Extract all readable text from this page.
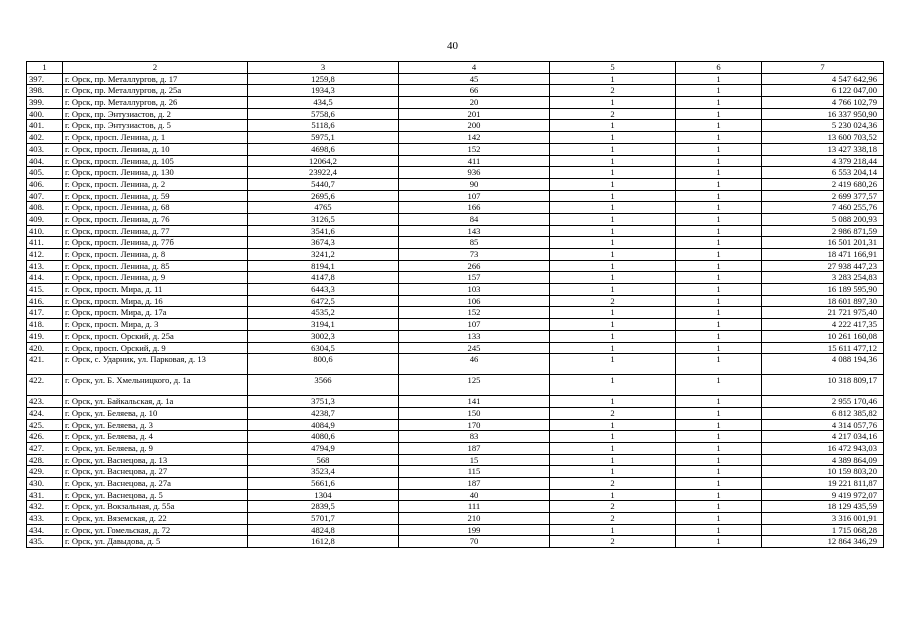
40
1	2	3	4	5	6	7
397.	г. Орск, пр. Металлургов, д. 17	1259,8	45	1	1	4 547 642,96
398.	г. Орск, пр. Металлургов, д. 25а	1934,3	66	2	1	6 122 047,00
399.	г. Орск, пр. Металлургов, д. 26	434,5	20	1	1	4 766 102,79
400.	г. Орск, пр. Энтузиастов, д. 2	5758,6	201	2	1	16 337 950,90
401.	г. Орск, пр. Энтузиастов, д. 5	5118,6	200	1	1	5 230 024,36
402.	г. Орск, просп. Ленина, д. 1	5975,1	142	1	1	13 600 703,52
403.	г. Орск, просп. Ленина, д. 10	4698,6	152	1	1	13 427 338,18
404.	г. Орск, просп. Ленина, д. 105	12064,2	411	1	1	4 379 218,44
405.	г. Орск, просп. Ленина, д. 130	23922,4	936	1	1	6 553 204,14
406.	г. Орск, просп. Ленина, д. 2	5440,7	90	1	1	2 419 680,26
407.	г. Орск, просп. Ленина, д. 59	2695,6	107	1	1	2 699 377,57
408.	г. Орск, просп. Ленина, д. 68	4765	166	1	1	7 460 255,76
409.	г. Орск, просп. Ленина, д. 76	3126,5	84	1	1	5 088 200,93
410.	г. Орск, просп. Ленина, д. 77	3541,6	143	1	1	2 986 871,59
411.	г. Орск, просп. Ленина, д. 77б	3674,3	85	1	1	16 501 201,31
412.	г. Орск, просп. Ленина, д. 8	3241,2	73	1	1	18 471 166,91
413.	г. Орск, просп. Ленина, д. 85	8194,1	266	1	1	27 938 447,23
414.	г. Орск, просп. Ленина, д. 9	4147,8	157	1	1	3 283 254,83
415.	г. Орск, просп. Мира, д. 11	6443,3	103	1	1	16 189 595,90
416.	г. Орск, просп. Мира, д. 16	6472,5	106	2	1	18 601 897,30
417.	г. Орск, просп. Мира, д. 17а	4535,2	152	1	1	21 721 975,40
418.	г. Орск, просп. Мира, д. 3	3194,1	107	1	1	4 222 417,35
419.	г. Орск, просп. Орский, д. 25а	3002,3	133	1	1	10 261 160,08
420.	г. Орск, просп. Орский, д. 9	6304,5	245	1	1	15 611 477,12
421.	г. Орск, с. Ударник, ул. Парковая, д. 13	800,6	46	1	1	4 088 194,36
422.	г. Орск, ул. Б. Хмельницкого, д. 1а	3566	125	1	1	10 318 809,17
423.	г. Орск, ул. Байкальская, д. 1а	3751,3	141	1	1	2 955 170,46
424.	г. Орск, ул. Беляева, д. 10	4238,7	150	2	1	6 812 385,82
425.	г. Орск, ул. Беляева, д. 3	4084,9	170	1	1	4 314 057,76
426.	г. Орск, ул. Беляева, д. 4	4080,6	83	1	1	4 217 034,16
427.	г. Орск, ул. Беляева, д. 9	4794,9	187	1	1	16 472 943,03
428.	г. Орск, ул. Васнецова, д. 13	568	15	1	1	4 389 864,09
429.	г. Орск, ул. Васнецова, д. 27	3523,4	115	1	1	10 159 803,20
430.	г. Орск, ул. Васнецова, д. 27а	5661,6	187	2	1	19 221 811,87
431.	г. Орск, ул. Васнецова, д. 5	1304	40	1	1	9 419 972,07
432.	г. Орск, ул. Вокзальная, д. 55а	2839,5	111	2	1	18 129 435,59
433.	г. Орск, ул. Вяземская, д. 22	5701,7	210	2	1	3 316 001,91
434.	г. Орск, ул. Гомельская, д. 72	4824,8	199	1	1	1 715 068,28
435.	г. Орск, ул. Давыдова, д. 5	1612,8	70	2	1	12 864 346,29
